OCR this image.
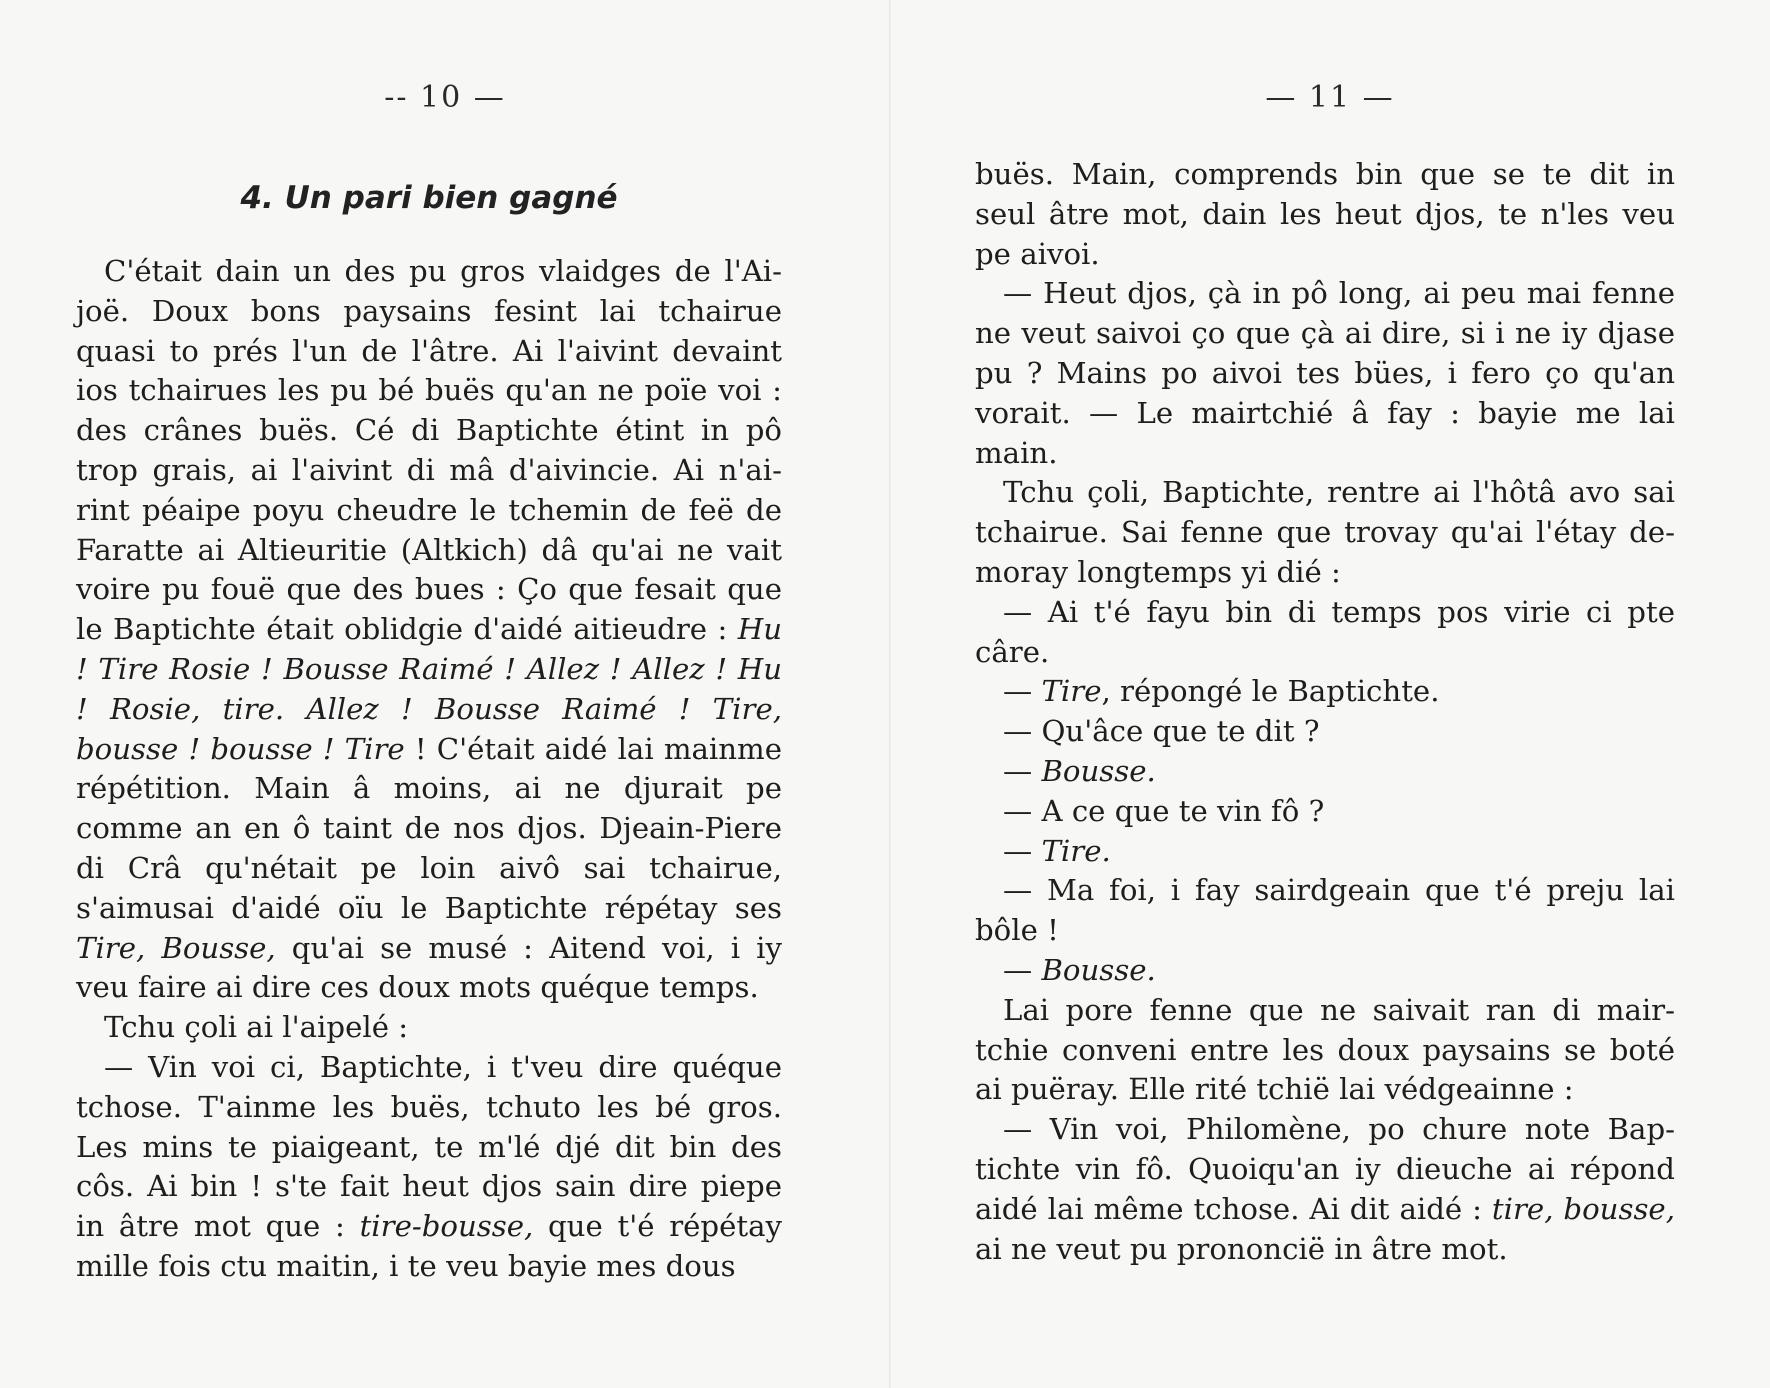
-- 10 —
4. Un pari bien gagné

C'était dain un des pu gros vlaidges de l'Ai-joë. Doux bons paysains fesint lai tchairue quasi to prés l'un de l'âtre. Ai l'aivint devaint ios tchairues les pu bé buës qu'an ne poïe voi : des crânes buës. Cé di Baptichte étint in pô trop grais, ai l'aivint di mâ d'aivincie. Ai n'ai-rint péaipe poyu cheudre le tchemin de feë de Faratte ai Altieuritie (Altkich) dâ qu'ai ne vait voire pu fouë que des bues : Ço que fesait que le Baptichte était oblidgie d'aidé aitieudre : Hu ! Tire Rosie ! Bousse Raimé ! Allez ! Allez ! Hu ! Rosie, tire. Allez ! Bousse Raimé ! Tire, bousse ! bousse ! Tire ! C'était aidé lai mainme répétition. Main â moins, ai ne djurait pe comme an en ô taint de nos djos. Djeain-Piere di Crâ qu'nétait pe loin aivô sai tchairue, s'aimusai d'aidé oïu le Baptichte répétay ses Tire, Bousse, qu'ai se musé : Aitend voi, i iy veu faire ai dire ces doux mots quéque temps.

Tchu çoli ai l'aipelé :

— Vin voi ci, Baptichte, i t'veu dire quéque tchose. T'ainme les buës, tchuto les bé gros. Les mins te piaigeant, te m'lé djé dit bin des côs. Ai bin ! s'te fait heut djos sain dire piepe in âtre mot que : tire-bousse, que t'é répétay mille fois ctu maitin, i te veu bayie mes dous

— 11 —

buës. Main, comprends bin que se te dit in seul âtre mot, dain les heut djos, te n'les veu pe aivoi.

— Heut djos, çà in pô long, ai peu mai fenne ne veut saivoi ço que çà ai dire, si i ne iy djase pu ? Mains po aivoi tes bües, i fero ço qu'an vorait. — Le mairtchié â fay : bayie me lai main.

Tchu çoli, Baptichte, rentre ai l'hôtâ avo sai tchairue. Sai fenne que trovay qu'ai l'étay de-moray longtemps yi dié :

— Ai t'é fayu bin di temps pos virie ci pte câre.

— Tire, répongé le Baptichte.

— Qu'âce que te dit ?

— Bousse.

— A ce que te vin fô ?

— Tire.

— Ma foi, i fay sairdgeain que t'é preju lai bôle !

— Bousse.

Lai pore fenne que ne saivait ran di mair-tchie conveni entre les doux paysains se boté ai puëray. Elle rité tchië lai védgeainne :

— Vin voi, Philomène, po chure note Bap-tichte vin fô. Quoiqu'an iy dieuche ai répond aidé lai même tchose. Ai dit aidé : tire, bousse, ai ne veut pu prononcië in âtre mot.
